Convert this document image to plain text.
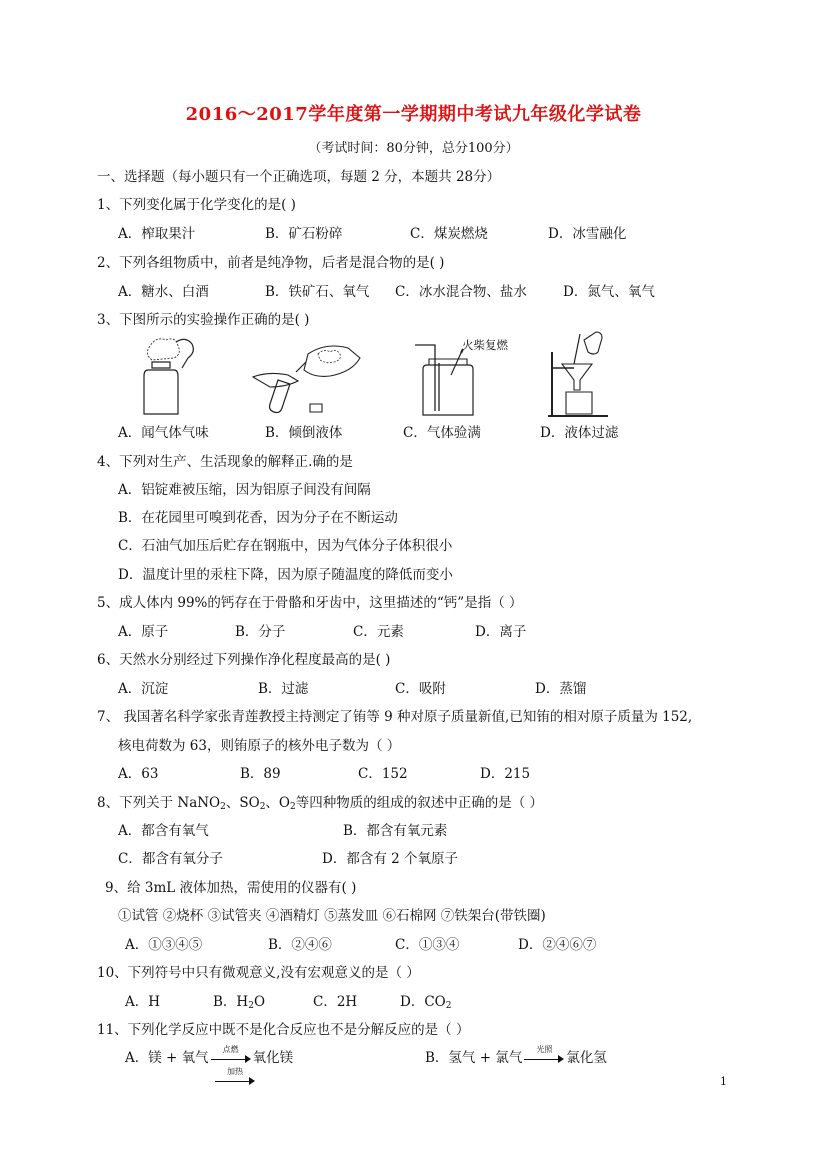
2016～2017学年度第一学期期中考试九年级化学试卷
（考试时间：80分钟，总分100分）
一、选择题（每小题只有一个正确选项，每题 2 分，本题共 28分）
1、下列变化属于化学变化的是( )
A．榨取果汁	B．矿石粉碎	C．煤炭燃烧	D．冰雪融化
2、下列各组物质中，前者是纯净物，后者是混合物的是( )
A．糖水、白酒	B．铁矿石、氧气 C．冰水混合物、盐水	D．氮气、氧气
3、下图所示的实验操作正确的是( )
火柴复燃
A．闻气体气味	B．倾倒液体	C．气体验满	D．液体过滤
4、下列对生产、生活现象的解释正.确的是
A．铝锭难被压缩，因为铝原子间没有间隔
B．在花园里可嗅到花香，因为分子在不断运动
C．石油气加压后贮存在钢瓶中，因为气体分子体积很小
D．温度计里的汞柱下降，因为原子随温度的降低而变小
5、成人体内 99%的钙存在于骨骼和牙齿中，这里描述的“钙”是指（ ）
A．原子	B．分子	C．元素	D．离子
6、天然水分别经过下列操作净化程度最高的是( )
A．沉淀	B．过滤	C．吸附	D．蒸馏
7、 我国著名科学家张青莲教授主持测定了铕等 9 种对原子质量新值,已知铕的相对原子质量为 152,
核电荷数为 63，则铕原子的核外电子数为（ ）
A．63	B．89	C．152	D．215
8、下列关于 NaNO$_2$、$SO_2$、$O_2$等四种物质的组成的叙述中正确的是（ ）
A．都含有氧气	B．都含有氧元素
C．都含有氧分子	D．都含有 2 个氧原子
9、给 3mL 液体加热，需使用的仪器有( )
①试管 ②烧杯 ③试管夹 ④酒精灯 ⑤蒸发皿 ⑥石棉网 ⑦铁架台(带铁圈)
A．①③④⑤	B．②④⑥	C．①③④	D．②④⑥⑦
10、下列符号中只有微观意义,没有宏观意义的是（ ）
A．H	B．$H_2O$	C．2H	D．$CO_2$
11、下列化学反应中既不是化合反应也不是分解反应的是（ ）
A．镁 + 氧气
点燃
氧化镁	B．氢气 + 氯气
光照
氯化氢
加热
1
